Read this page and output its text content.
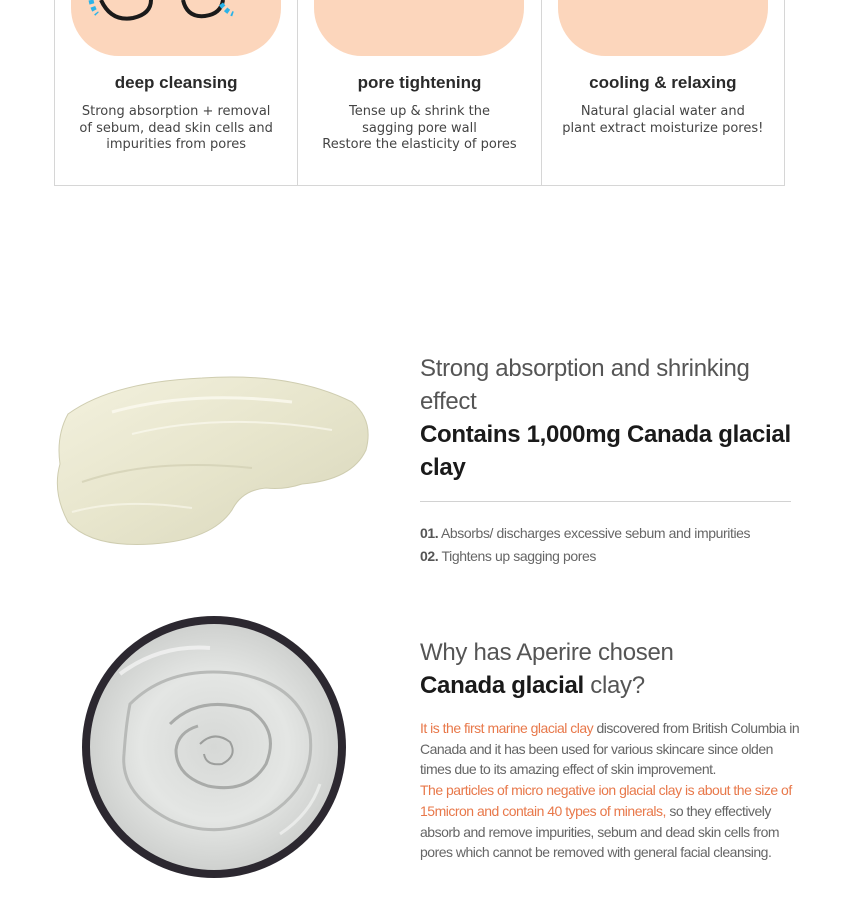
deep cleansing
Strong absorption + removal
of sebum, dead skin cells and
impurities from pores
pore tightening
Tense up & shrink the
sagging pore wall
Restore the elasticity of pores
cooling & relaxing
Natural glacial water and
plant extract moisturize pores!
Strong absorption and shrinking
effect
Contains 1,000mg Canada glacial
clay
01. Absorbs/ discharges excessive sebum and impurities
02. Tightens up sagging pores
Why has Aperire chosen
Canada glacial clay?
It is the first marine glacial clay discovered from British Columbia in Canada and it has been used for various skincare since olden times due to its amazing effect of skin improvement.
The particles of micro negative ion glacial clay is about the size of 15micron and contain 40 types of minerals, so they effectively absorb and remove impurities, sebum and dead skin cells from pores which cannot be removed with general facial cleansing.
